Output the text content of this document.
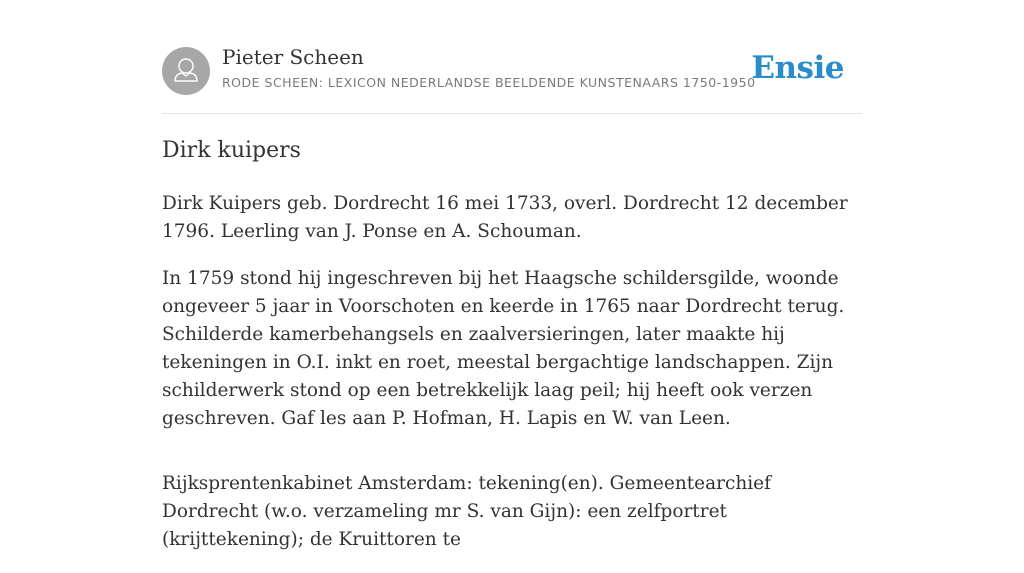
Pieter Scheen
RODE SCHEEN: LEXICON NEDERLANDSE BEELDENDE KUNSTENAARS 1750-1950
Ensie
Dirk kuipers

Dirk Kuipers geb. Dordrecht 16 mei 1733, overl. Dordrecht 12 december 1796. Leerling van J. Ponse en A. Schouman.

In 1759 stond hij ingeschreven bij het Haagsche schildersgilde, woonde ongeveer 5 jaar in Voorschoten en keerde in 1765 naar Dordrecht terug. Schilderde kamerbehangsels en zaalversieringen, later maakte hij tekeningen in O.I. inkt en roet, meestal bergachtige landschappen. Zijn schilderwerk stond op een betrekkelijk laag peil; hij heeft ook verzen geschreven. Gaf les aan P. Hofman, H. Lapis en W. van Leen.

Rijksprentenkabinet Amsterdam: tekening(en). Gemeentearchief Dordrecht (w.o. verzameling mr S. van Gijn): een zelfportret (krijttekening); de Kruittoren te
